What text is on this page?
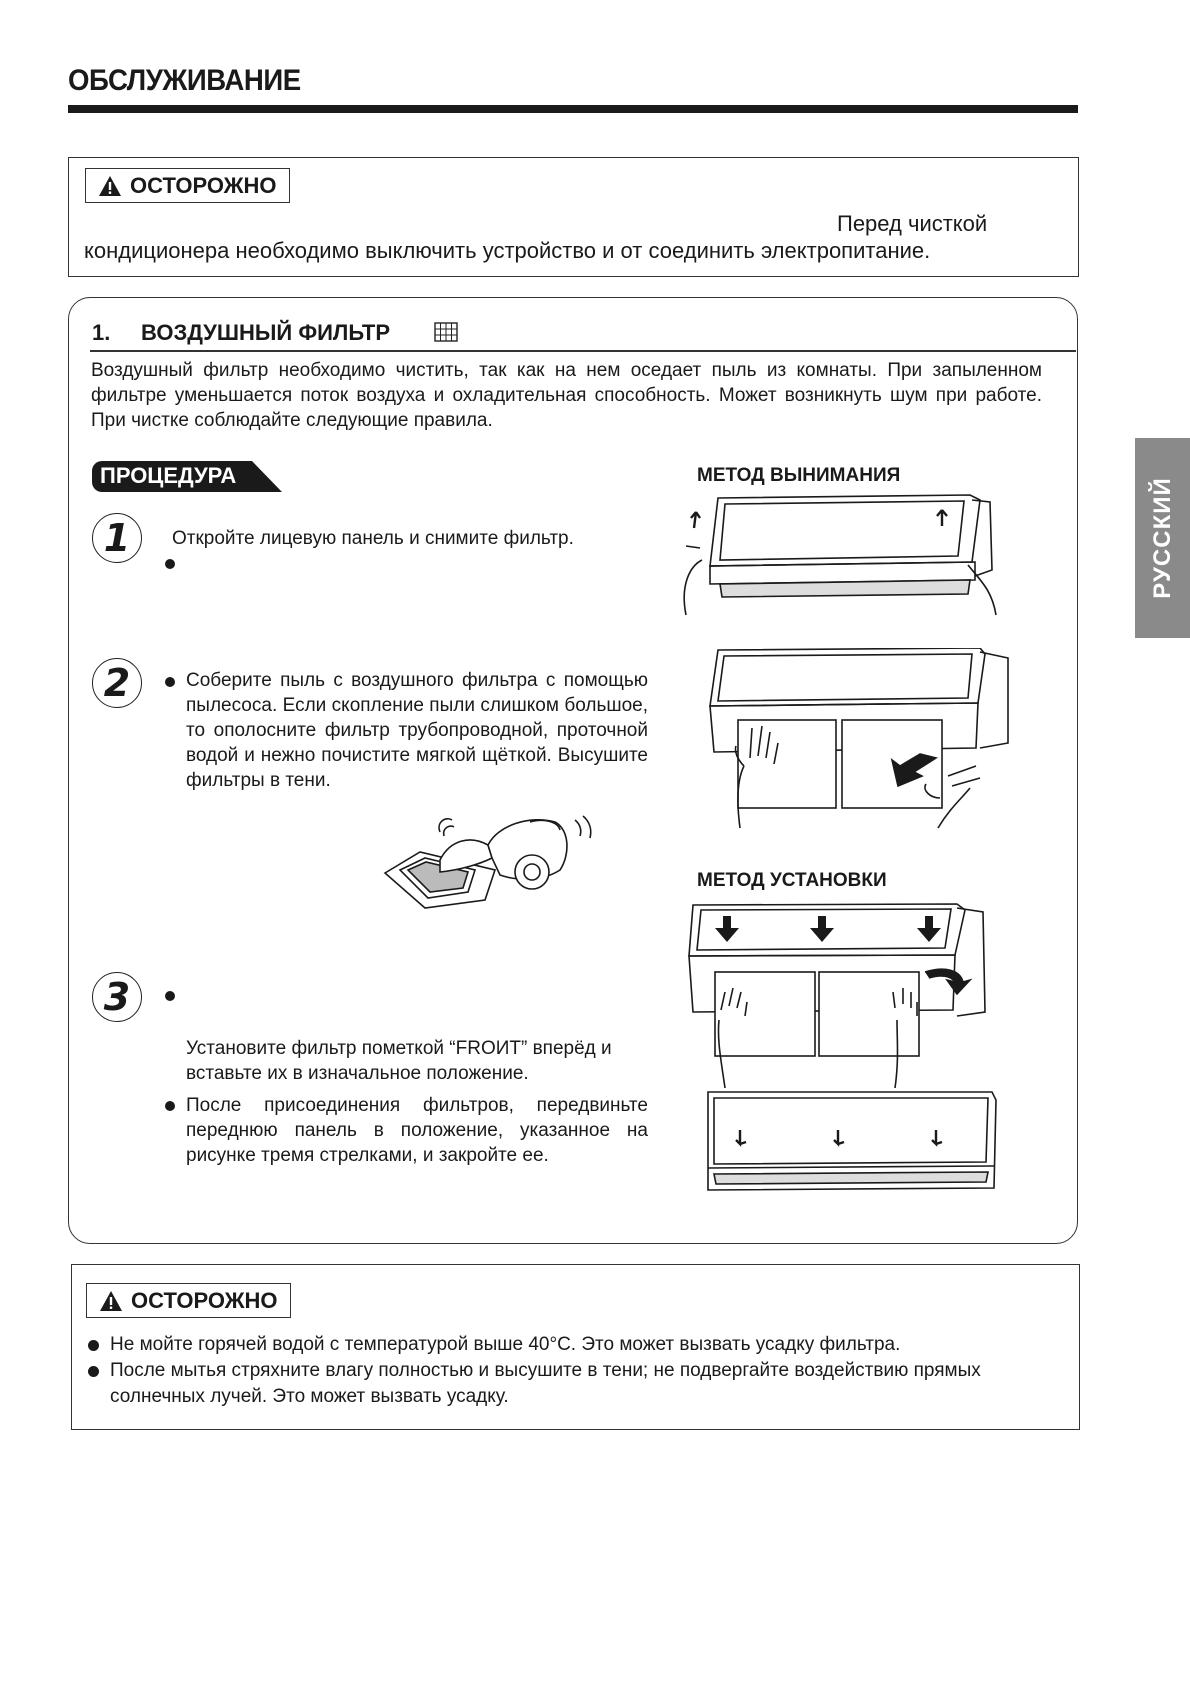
ОБСЛУЖИВАНИЕ
РУССКИЙ
ОСТОРОЖНО
Перед чисткой
кондиционера необходимо выключить устройство и от соединить электропитание.
1. ВОЗДУШНЫЙ ФИЛЬТР
Воздушный фильтр необходимо чистить, так как на нем оседает пыль из комнаты. При запыленном фильтре уменьшается поток воздуха и охладительная способность. Может возникнуть шум при работе. При чистке соблюдайте следующие правила.
ПРОЦЕДУРА	МЕТОД ВЫНИМАНИЯ
МЕТОД УСТАНОВКИ
1	Откройте лицевую панель и снимите фильтр.
2	Соберите пыль с воздушного фильтра с помощью пылесоса. Если скопление пыли слишком большое, то ополосните фильтр трубопроводной, проточной водой и нежно почистите мягкой щёткой. Высушите фильтры в тени.
3
Установите фильтр пометкой “FROИT” вперёд и вставьте их в изначальное положение.
После присоединения фильтров, передвиньте переднюю панель в положение, указанное на рисунке тремя стрелками, и закройте ее.
ОСТОРОЖНО
Не мойте горячей водой с температурой выше 40°C. Это может вызвать усадку фильтра.
После мытья стряхните влагу полностью и высушите в тени; не подвергайте воздействию прямых солнечных лучей. Это может вызвать усадку.
